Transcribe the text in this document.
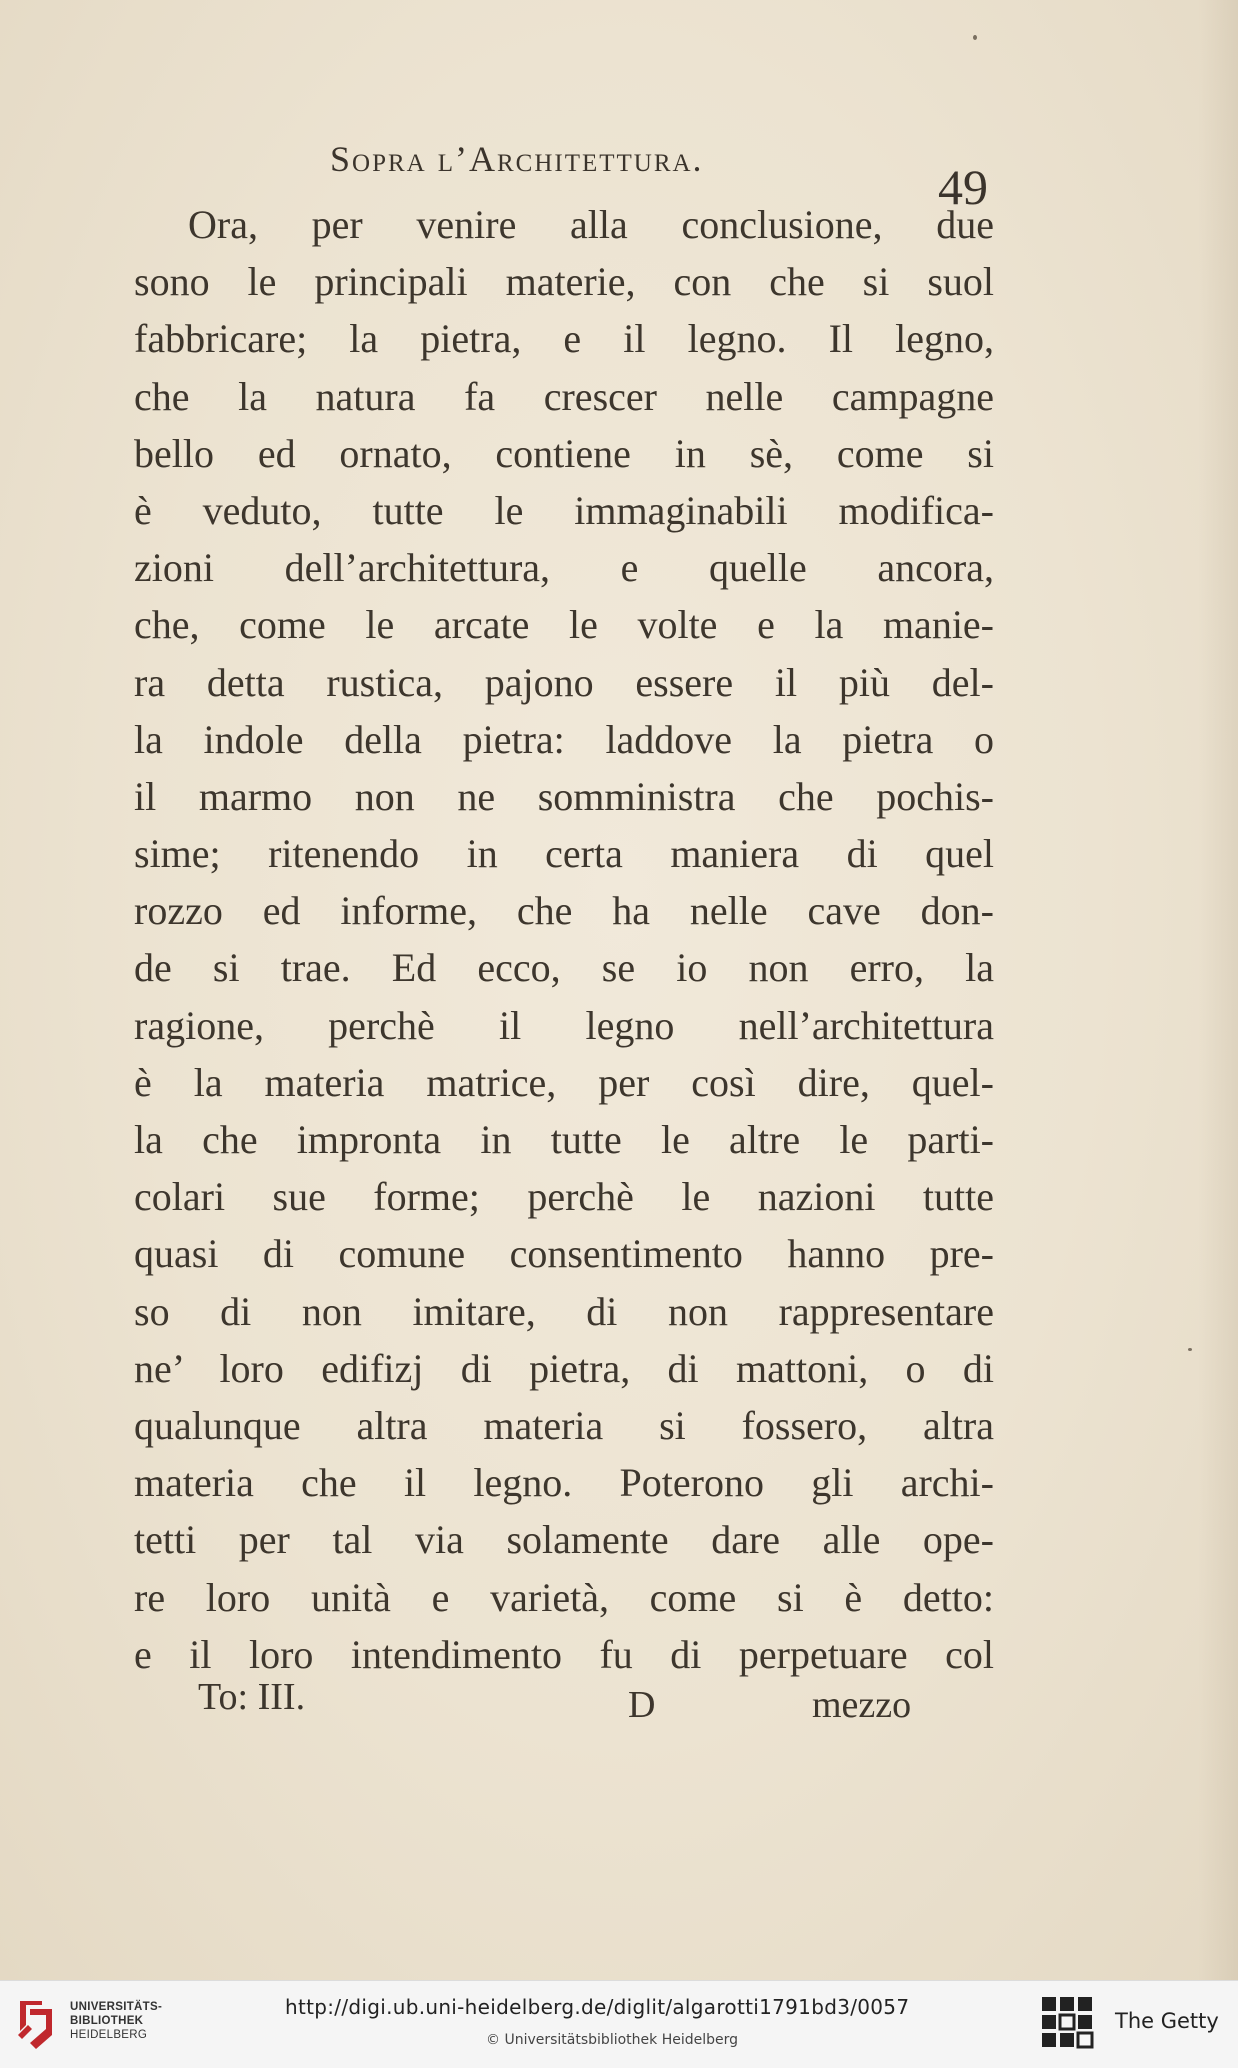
Sopra l’Architettura.	49
Ora, per venire alla conclusione, due
sono le principali materie, con che si suol
fabbricare; la pietra, e il legno. Il legno,
che la natura fa crescer nelle campagne
bello ed ornato, contiene in sè, come si
è veduto, tutte le immaginabili modifica-
zioni dell’architettura, e quelle ancora,
che, come le arcate le volte e la manie-
ra detta rustica, pajono essere il più del-
la indole della pietra: laddove la pietra o
il marmo non ne somministra che pochis-
sime; ritenendo in certa maniera di quel
rozzo ed informe, che ha nelle cave don-
de si trae. Ed ecco, se io non erro, la
ragione, perchè il legno nell’architettura
è la materia matrice, per così dire, quel-
la che impronta in tutte le altre le parti-
colari sue forme; perchè le nazioni tutte
quasi di comune consentimento hanno pre-
so di non imitare, di non rappresentare
ne’ loro edifizj di pietra, di mattoni, o di
qualunque altra materia si fossero, altra
materia che il legno. Poterono gli archi-
tetti per tal via solamente dare alle ope-
re loro unità e varietà, come si è detto:
e il loro intendimento fu di perpetuare col
To: III.	D	mezzo
UNIVERSITÄTS-
BIBLIOTHEK
HEIDELBERG
http://digi.ub.uni-heidelberg.de/diglit/algarotti1791bd3/0057
© Universitätsbibliothek Heidelberg
The Getty
